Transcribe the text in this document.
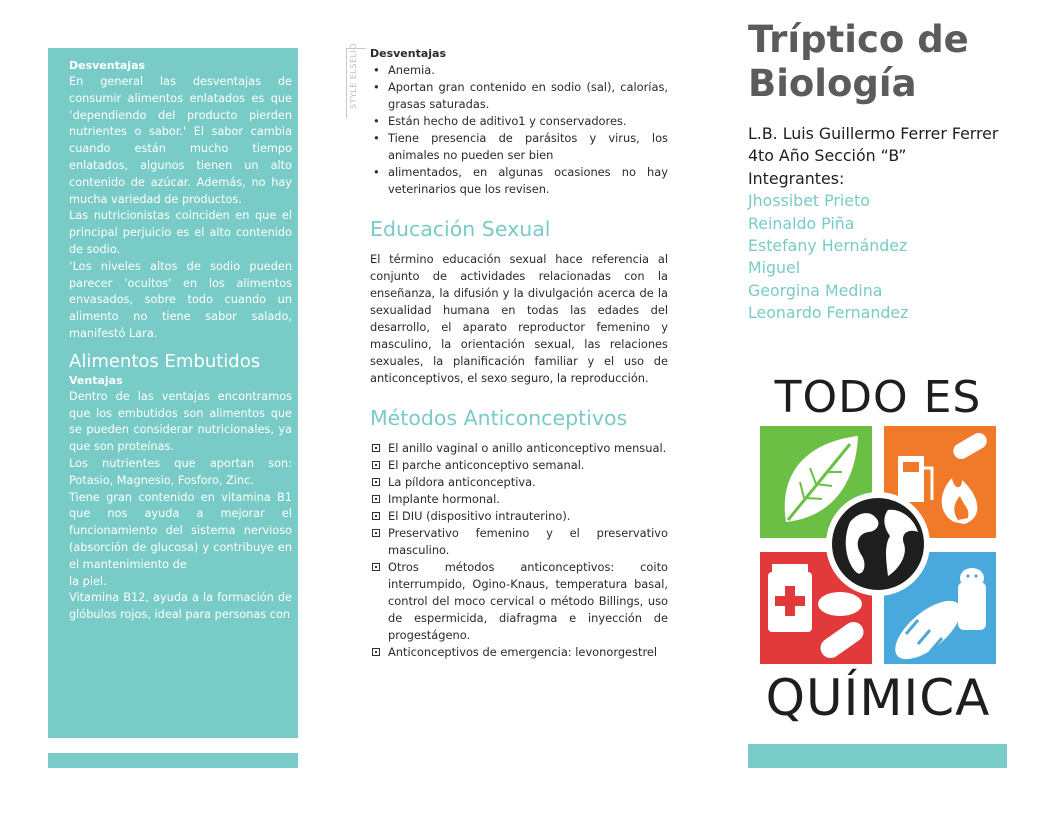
Desventajas

En general las desventajas de consumir alimentos enlatados es que ‘dependiendo del producto pierden nutrientes o sabor.' El sabor cambia cuando están mucho tiempo enlatados, algunos tienen un alto contenido de azúcar. Además, no hay mucha variedad de productos.

Las nutricionistas coinciden en que el principal perjuicio es el alto contenido de sodio.

‘Los niveles altos de sodio pueden parecer ‘ocultos' en los alimentos envasados, sobre todo cuando un alimento no tiene sabor salado, manifestó Lara.

Alimentos Embutidos
Ventajas

Dentro de las ventajas encontramos que los embutidos son alimentos que se pueden considerar nutricionales, ya que son proteínas.

Los nutrientes que aportan son: Potasio, Magnesio, Fosforo, Zinc.

Tiene gran contenido en vitamina B1 que nos ayuda a mejorar el funcionamiento del sistema nervioso (absorción de glucosa) y contribuye en el mantenimiento de

la piel.

Vitamina B12, ayuda a la formación de glóbulos rojos, ideal para personas con

STYLE ELSELIO Desventajas
• Anemia.
• Aportan gran contenido en sodio (sal), calorías, grasas saturadas.
• Están hecho de aditivo1 y conservadores.
• Tiene presencia de parásitos y virus, los animales no pueden ser bien
• alimentados, en algunas ocasiones no hay veterinarios que los revisen.
Educación Sexual

El término educación sexual hace referencia al conjunto de actividades relacionadas con la enseñanza, la difusión y la divulgación acerca de la sexualidad humana en todas las edades del desarrollo, el aparato reproductor femenino y masculino, la orientación sexual, las relaciones sexuales, la planificación familiar y el uso de anticonceptivos, el sexo seguro, la reproducción.

Métodos Anticonceptivos
El anillo vaginal o anillo anticonceptivo mensual.
El parche anticonceptivo semanal.
La píldora anticonceptiva.
Implante hormonal.
El DIU (dispositivo intrauterino).
Preservativo femenino y el preservativo masculino.
Otros métodos anticonceptivos: coito interrumpido, Ogino-Knaus, temperatura basal, control del moco cervical o método Billings, uso de espermicida, diafragma e inyección de progestágeno.
Anticonceptivos de emergencia: levonorgestrel
Tríptico de Biología
L.B. Luis Guillermo Ferrer Ferrer
4to Año Sección “B”
Integrantes:
Jhossibet Prieto
Reinaldo Piña
Estefany Hernández
Miguel
Georgina Medina
Leonardo Fernandez
TODO ES
QUÍMICA
